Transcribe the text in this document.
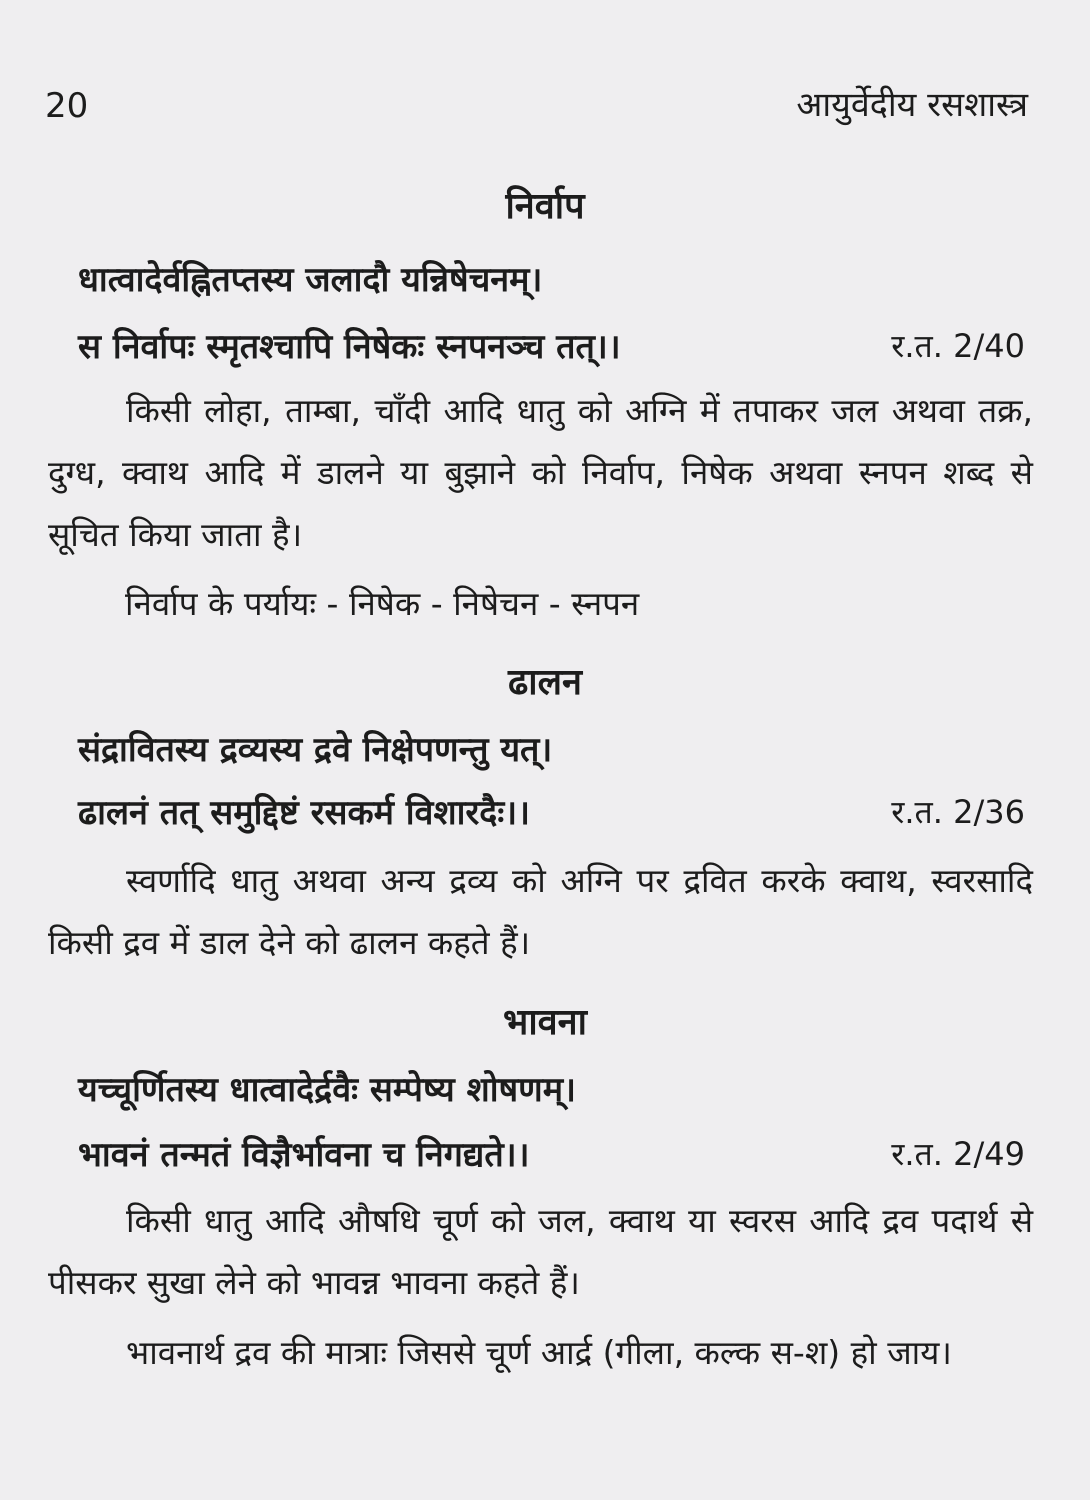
20	आयुर्वेदीय रसशास्त्र
निर्वाप
धात्वादेर्वह्नितप्तस्य जलादौ यन्निषेचनम्।
स निर्वापः स्मृतश्चापि निषेकः स्नपनञ्च तत्।।	र.त. 2/40

किसी लोहा, ताम्बा, चाँदी आदि धातु को अग्नि में तपाकर जल अथवा तक्र, दुग्ध, क्वाथ आदि में डालने या बुझाने को निर्वाप, निषेक अथवा स्नपन शब्द से सूचित किया जाता है।

निर्वाप के पर्यायः - निषेक - निषेचन - स्नपन
ढालन
संद्रावितस्य द्रव्यस्य द्रवे निक्षेपणन्तु यत्।
ढालनं तत् समुद्दिष्टं रसकर्म विशारदैः।।	र.त. 2/36

स्वर्णादि धातु अथवा अन्य द्रव्य को अग्नि पर द्रवित करके क्वाथ, स्वरसादि किसी द्रव में डाल देने को ढालन कहते हैं।

भावना
यच्चूर्णितस्य धात्वादेर्द्रवैः सम्पेष्य शोषणम्।
भावनं तन्मतं विज्ञैर्भावना च निगद्यते।।	र.त. 2/49

किसी धातु आदि औषधि चूर्ण को जल, क्वाथ या स्वरस आदि द्रव पदार्थ से पीसकर सुखा लेने को भावन्न भावना कहते हैं।

भावनार्थ द्रव की मात्राः जिससे चूर्ण आर्द्र (गीला, कल्क स-श) हो जाय।
